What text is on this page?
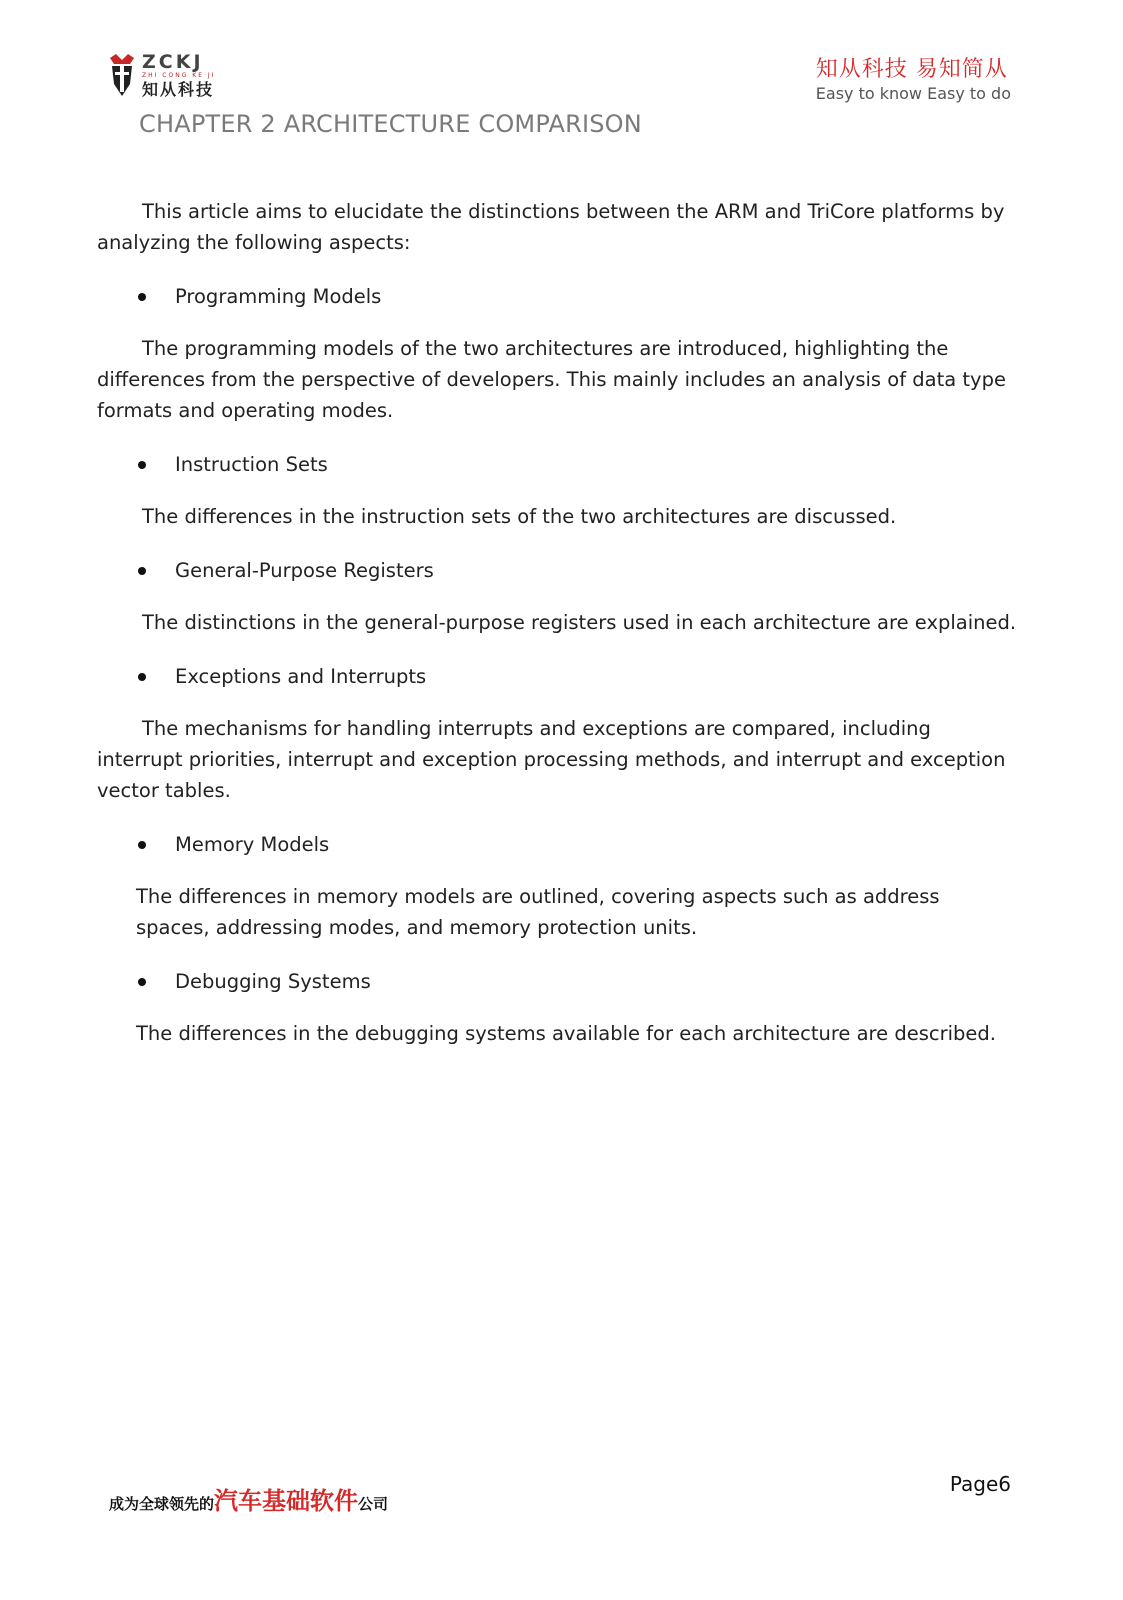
ZCKJ
ZHI CONG KE JI
知从科技
知从科技 易知简从
Easy to know Easy to do
CHAPTER 2 ARCHITECTURE COMPARISON

This article aims to elucidate the distinctions between the ARM and TriCore platforms by analyzing the following aspects:

Programming Models

The programming models of the two architectures are introduced, highlighting the differences from the perspective of developers. This mainly includes an analysis of data type formats and operating modes.

Instruction Sets

The differences in the instruction sets of the two architectures are discussed.

General-Purpose Registers

The distinctions in the general-purpose registers used in each architecture are explained.

Exceptions and Interrupts

The mechanisms for handling interrupts and exceptions are compared, including interrupt priorities, interrupt and exception processing methods, and interrupt and exception vector tables.

Memory Models

The differences in memory models are outlined, covering aspects such as address spaces, addressing modes, and memory protection units.

Debugging Systems

The differences in the debugging systems available for each architecture are described.

成为全球领先的汽车基础软件公司
Page6
